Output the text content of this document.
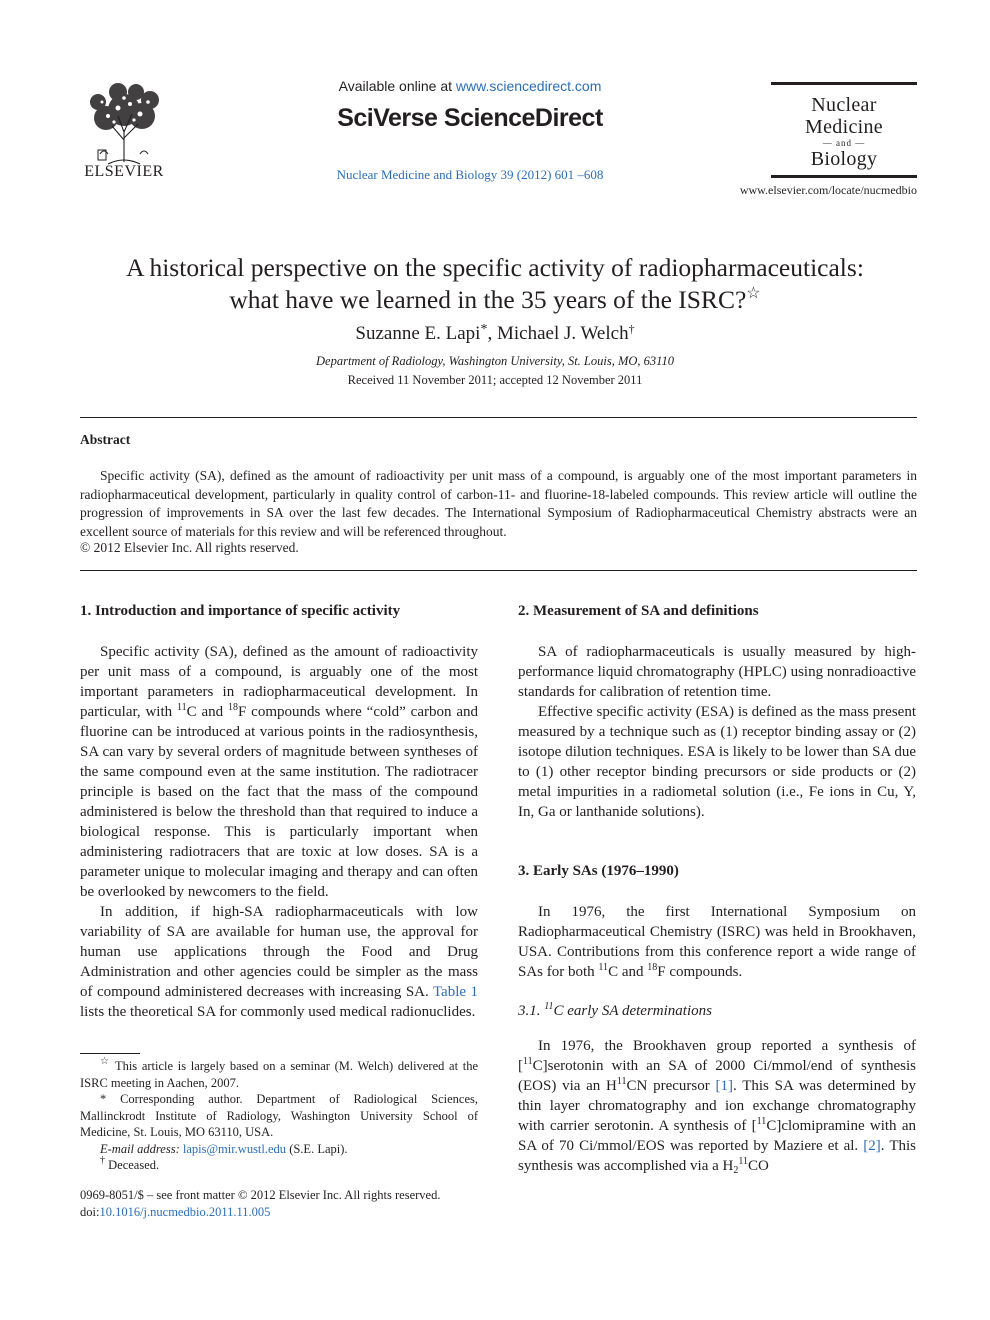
ELSEVIER
Available online at www.sciencedirect.com
SciVerse ScienceDirect
Nuclear Medicine and Biology 39 (2012) 601 –608
Nuclear
Medicine
— and —
Biology
www.elsevier.com/locate/nucmedbio
A historical perspective on the specific activity of radiopharmaceuticals:
what have we learned in the 35 years of the ISRC?☆
Suzanne E. Lapi*, Michael J. Welch†
Department of Radiology, Washington University, St. Louis, MO, 63110
Received 11 November 2011; accepted 12 November 2011
Abstract

Specific activity (SA), defined as the amount of radioactivity per unit mass of a compound, is arguably one of the most important parameters in radiopharmaceutical development, particularly in quality control of carbon-11- and fluorine-18-labeled compounds. This review article will outline the progression of improvements in SA over the last few decades. The International Symposium of Radiopharmaceutical Chemistry abstracts were an excellent source of materials for this review and will be referenced throughout.

© 2012 Elsevier Inc. All rights reserved.
1. Introduction and importance of specific activity

Specific activity (SA), defined as the amount of radioactivity per unit mass of a compound, is arguably one of the most important parameters in radiopharmaceutical development. In particular, with $^{11}$C and $^{18}$F compounds where “cold” carbon and fluorine can be introduced at various points in the radiosynthesis, SA can vary by several orders of magnitude between syntheses of the same compound even at the same institution. The radiotracer principle is based on the fact that the mass of the compound administered is below the threshold than that required to induce a biological response. This is particularly important when administering radiotracers that are toxic at low doses. SA is a parameter unique to molecular imaging and therapy and can often be overlooked by newcomers to the field.

In addition, if high-SA radiopharmaceuticals with low variability of SA are available for human use, the approval for human use applications through the Food and Drug Administration and other agencies could be simpler as the mass of compound administered decreases with increasing SA. Table 1 lists the theoretical SA for commonly used medical radionuclides.

☆ This article is largely based on a seminar (M. Welch) delivered at the ISRC meeting in Aachen, 2007.

* Corresponding author. Department of Radiological Sciences, Mallinckrodt Institute of Radiology, Washington University School of Medicine, St. Louis, MO 63110, USA.

E-mail address: lapis@mir.wustl.edu (S.E. Lapi).

† Deceased.

0969-8051/$ – see front matter © 2012 Elsevier Inc. All rights reserved.
doi:10.1016/j.nucmedbio.2011.11.005
2. Measurement of SA and definitions

SA of radiopharmaceuticals is usually measured by high-performance liquid chromatography (HPLC) using nonradioactive standards for calibration of retention time.

Effective specific activity (ESA) is defined as the mass present measured by a technique such as (1) receptor binding assay or (2) isotope dilution techniques. ESA is likely to be lower than SA due to (1) other receptor binding precursors or side products or (2) metal impurities in a radiometal solution (i.e., Fe ions in Cu, Y, In, Ga or lanthanide solutions).

3. Early SAs (1976–1990)

In 1976, the first International Symposium on Radiopharmaceutical Chemistry (ISRC) was held in Brookhaven, USA. Contributions from this conference report a wide range of SAs for both $^{11}$C and $^{18}$F compounds.

3.1. $^{11}$C early SA determinations

In 1976, the Brookhaven group reported a synthesis of [$^{11}$C]serotonin with an SA of 2000 Ci/mmol/end of synthesis (EOS) via an $H^{11}CN$ precursor [1]. This SA was determined by thin layer chromatography and ion exchange chromatography with carrier serotonin. A synthesis of [$^{11}$C]clomipramine with an SA of 70 Ci/mmol/EOS was reported by Maziere et al. [2]. This synthesis was accomplished via a $H_2^{11}CO$
